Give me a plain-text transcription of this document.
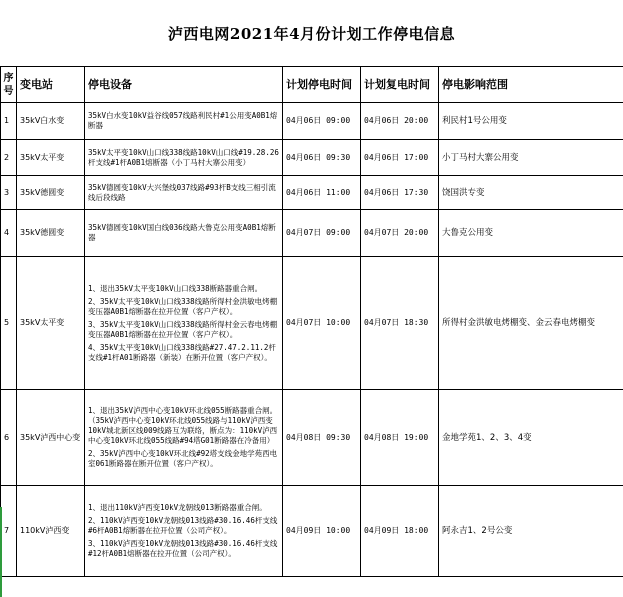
泸西电网2021年4月份计划工作停电信息
序号	变电站	停电设备	计划停电时间	计划复电时间	停电影响范围
1	35kV白水变	35kV白水变10kV益谷线057线路利民村#1公用变A0B1熔断器	04月06日 09:00	04月06日 20:00	利民村1号公用变
2	35kV太平变	35kV太平变10kV山口线338线路10kV山口线#19.28.26杆支线#1杆A0B1熔断器（小丁马村大寨公用变）	04月06日 09:30	04月06日 17:00	小丁马村大寨公用变
3	35kV德圆变	35kV德圆变10kV大兴堡线037线路#93杆B支线三相引流线后段线路	04月06日 11:00	04月06日 17:30	饶国洪专变
4	35kV德圆变	35kV德圆变10kV国白线036线路大鲁克公用变A0B1熔断器	04月07日 09:00	04月07日 20:00	大鲁克公用变
5	35kV太平变	1、退出35kV太平变10kV山口线338断路器重合闸。
2、35kV太平变10kV山口线338线路所得村金洪敏电烤棚变压器A0B1熔断器在拉开位置（客户产权）。
3、35kV太平变10kV山口线338线路所得村金云春电烤棚变压器A0B1熔断器在拉开位置（客户产权）。
4、35kV太平变10kV山口线338线路#27.47.2.11.2杆支线#1杆A01断路器（新装）在断开位置（客户产权）。	04月07日 10:00	04月07日 18:30	所得村金洪敏电烤棚变、金云春电烤棚变
6	35kV泸西中心变	1、退出35kV泸西中心变10kV环北线055断路器重合闸。（35kV泸西中心变10kV环北线055线路与110kV泸西变10kV城北新区线009线路互为联络，断点为：110kV泸西中心变10kV环北线055线路#94塔G01断路器在冷备用）
2、35kV泸西中心变10kV环北线#92塔支线金地学苑西电室061断路器在断开位置（客户产权）。	04月08日 09:30	04月08日 19:00	金地学苑1、2、3、4变
7	110kV泸西变	1、退出110kV泸西变10kV龙朝线013断路器重合闸。
2、110kV泸西变10kV龙朝线013线路#30.16.46杆支线#6杆A0B1熔断器在拉开位置（公司产权）。
3、110kV泸西变10kV龙朝线013线路#30.16.46杆支线#12杆A0B1熔断器在拉开位置（公司产权）。	04月09日 10:00	04月09日 18:00	阿永吉1、2号公变
